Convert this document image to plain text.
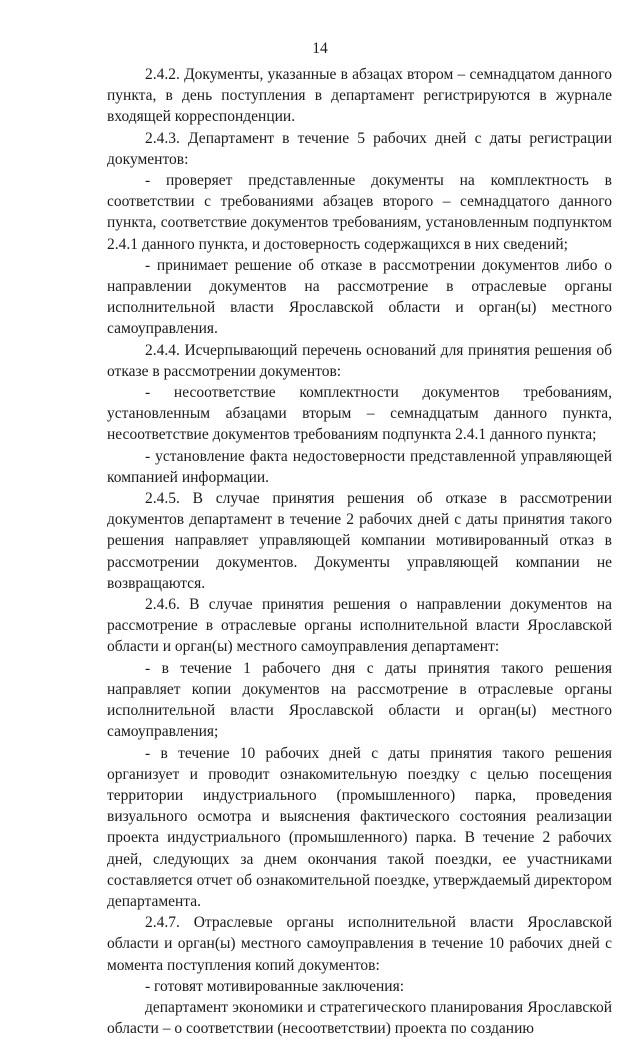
14

2.4.2. Документы, указанные в абзацах втором – семнадцатом данного пункта, в день поступления в департамент регистрируются в журнале входящей корреспонденции.

2.4.3. Департамент в течение 5 рабочих дней с даты регистрации документов:

- проверяет представленные документы на комплектность в соответствии с требованиями абзацев второго – семнадцатого данного пункта, соответствие документов требованиям, установленным подпунктом 2.4.1 данного пункта, и достоверность содержащихся в них сведений;

- принимает решение об отказе в рассмотрении документов либо о направлении документов на рассмотрение в отраслевые органы исполнительной власти Ярославской области и орган(ы) местного самоуправления.

2.4.4. Исчерпывающий перечень оснований для принятия решения об отказе в рассмотрении документов:

- несоответствие комплектности документов требованиям, установленным абзацами вторым – семнадцатым данного пункта, несоответствие документов требованиям подпункта 2.4.1 данного пункта;

- установление факта недостоверности представленной управляющей компанией информации.

2.4.5. В случае принятия решения об отказе в рассмотрении документов департамент в течение 2 рабочих дней с даты принятия такого решения направляет управляющей компании мотивированный отказ в рассмотрении документов. Документы управляющей компании не возвращаются.

2.4.6. В случае принятия решения о направлении документов на рассмотрение в отраслевые органы исполнительной власти Ярославской области и орган(ы) местного самоуправления департамент:

- в течение 1 рабочего дня с даты принятия такого решения направляет копии документов на рассмотрение в отраслевые органы исполнительной власти Ярославской области и орган(ы) местного самоуправления;

- в течение 10 рабочих дней с даты принятия такого решения организует и проводит ознакомительную поездку с целью посещения территории индустриального (промышленного) парка, проведения визуального осмотра и выяснения фактического состояния реализации проекта индустриального (промышленного) парка. В течение 2 рабочих дней, следующих за днем окончания такой поездки, ее участниками составляется отчет об ознакомительной поездке, утверждаемый директором департамента.

2.4.7. Отраслевые органы исполнительной власти Ярославской области и орган(ы) местного самоуправления в течение 10 рабочих дней с момента поступления копий документов:

- готовят мотивированные заключения:

департамент экономики и стратегического планирования Ярославской области – о соответствии (несоответствии) проекта по созданию
